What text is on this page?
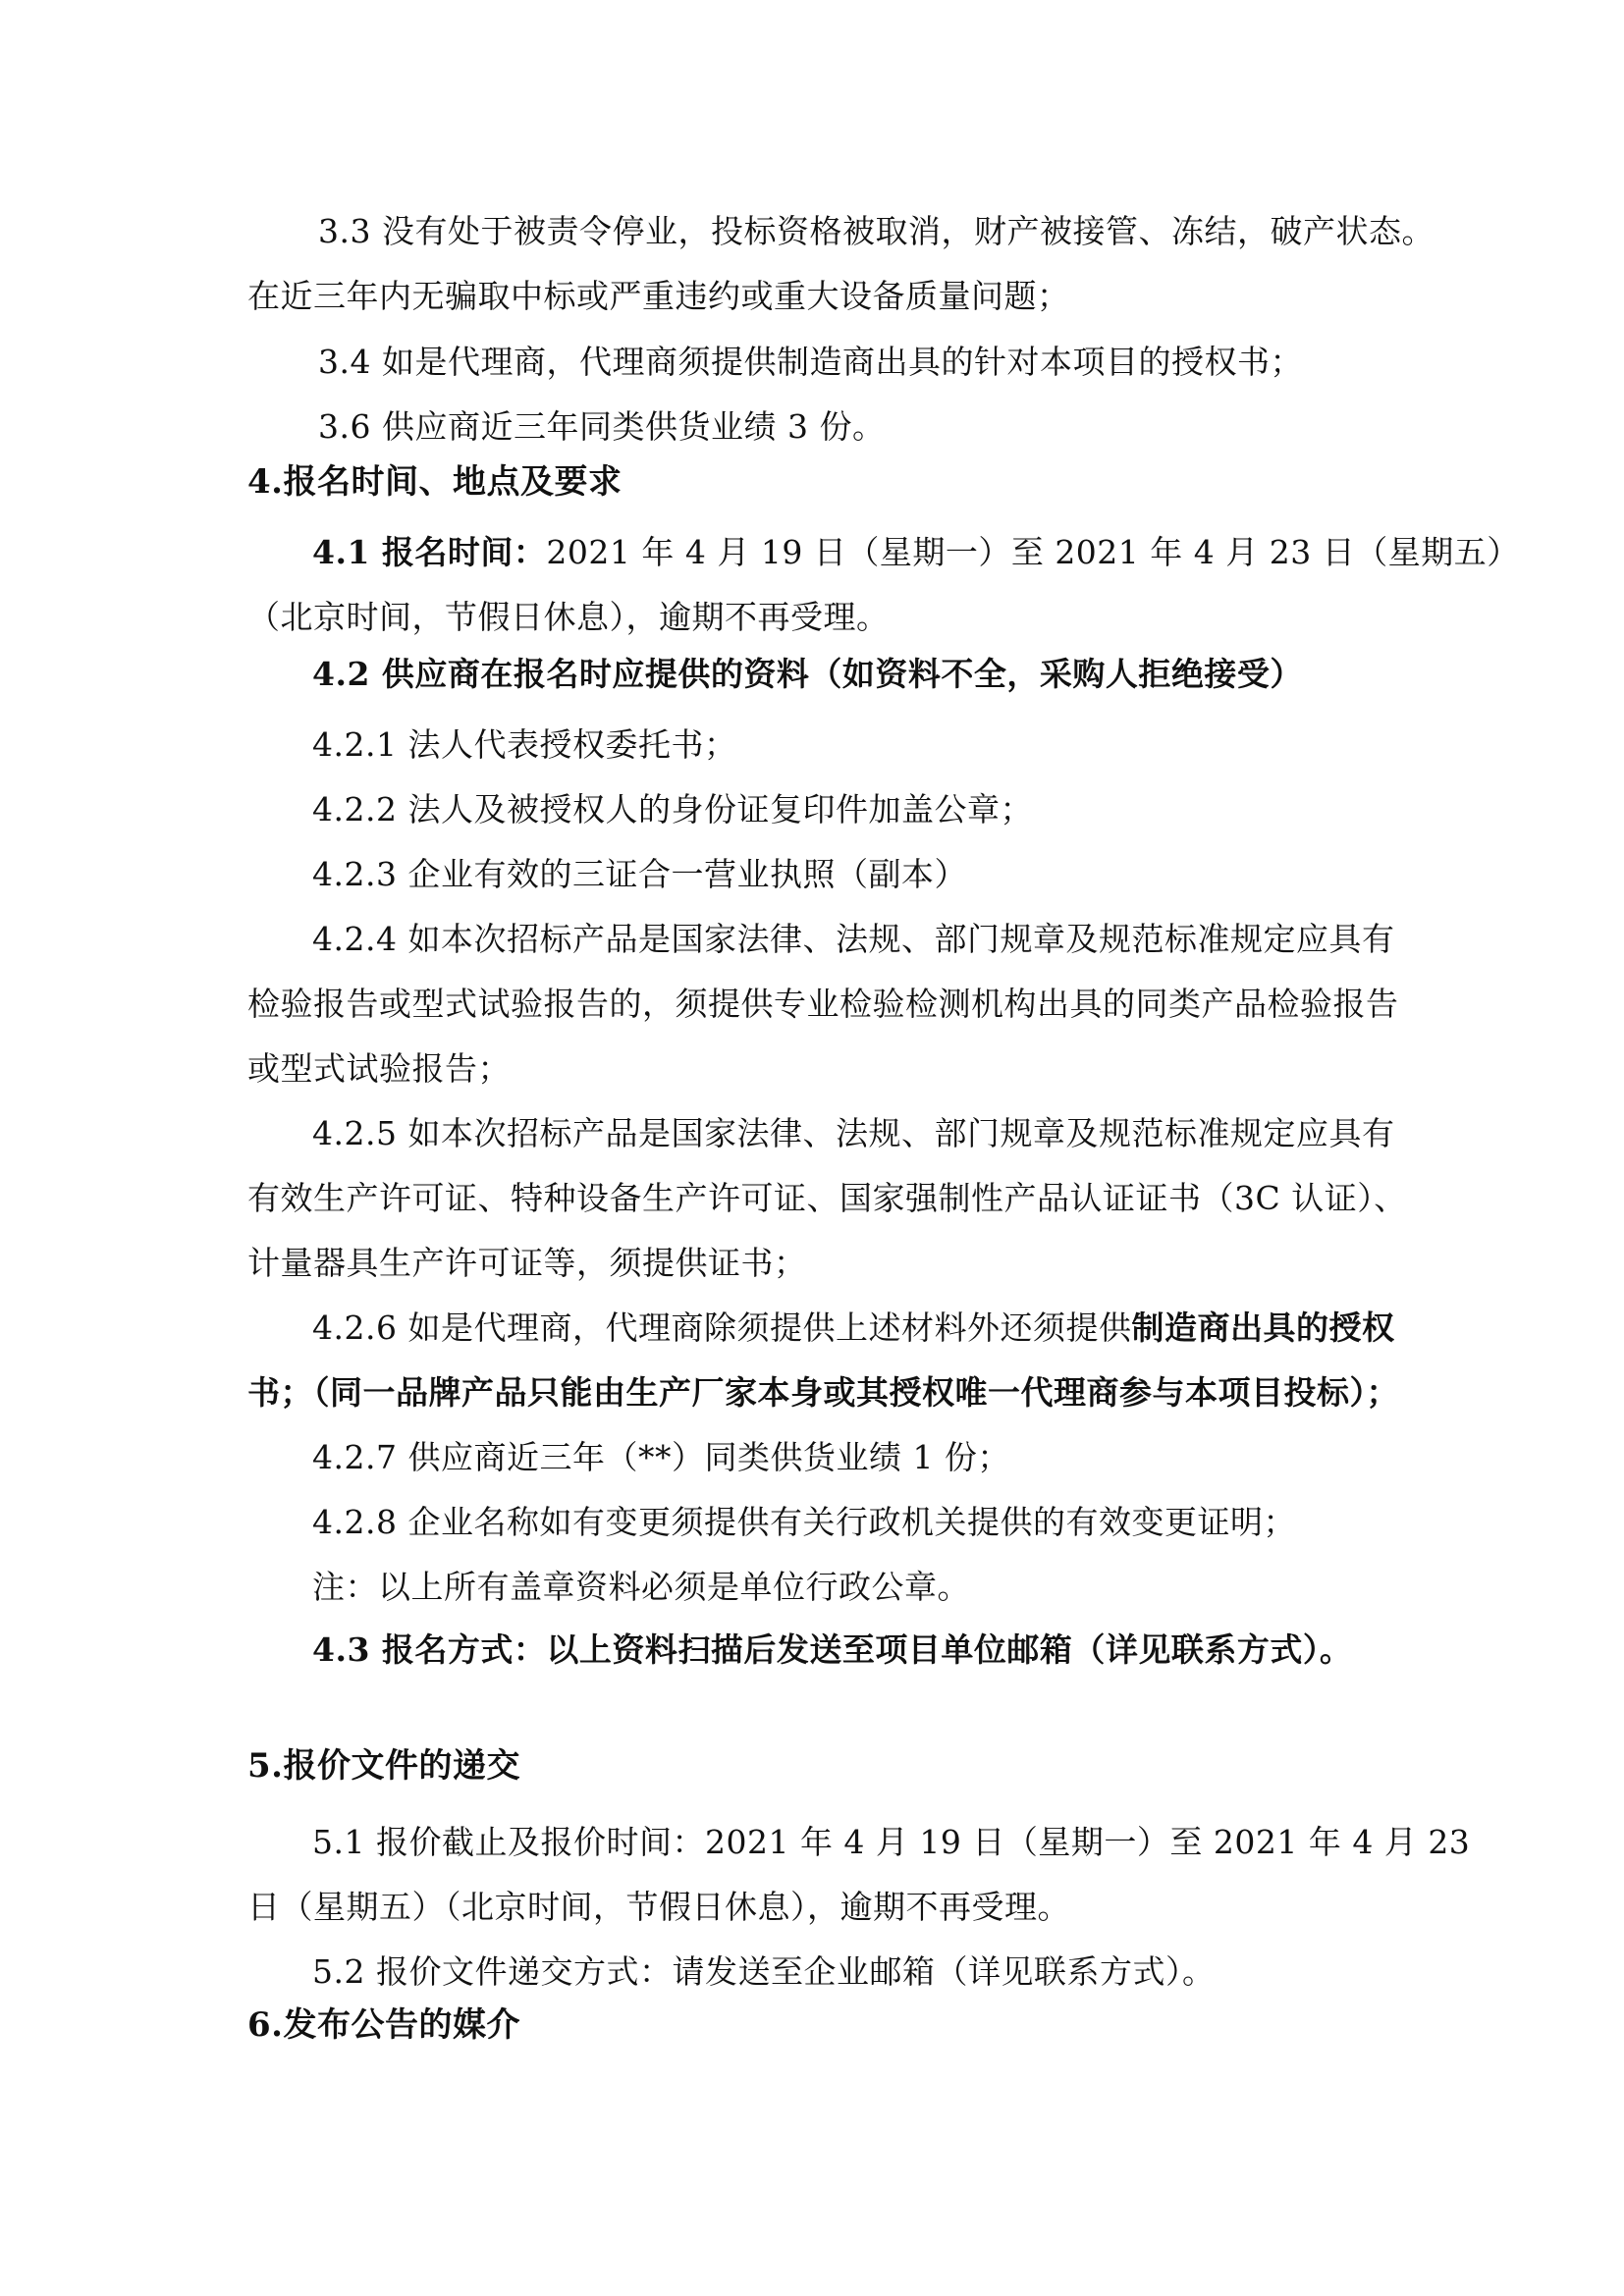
3.3 没有处于被责令停业，投标资格被取消，财产被接管、冻结，破产状态。
在近三年内无骗取中标或严重违约或重大设备质量问题；
3.4 如是代理商，代理商须提供制造商出具的针对本项目的授权书；
3.6 供应商近三年同类供货业绩 3 份。
4.报名时间、地点及要求
4.1 报名时间：2021 年 4 月 19 日（星期一）至 2021 年 4 月 23 日（星期五）
（北京时间，节假日休息），逾期不再受理。
4.2 供应商在报名时应提供的资料（如资料不全，采购人拒绝接受）
4.2.1 法人代表授权委托书；
4.2.2 法人及被授权人的身份证复印件加盖公章；
4.2.3 企业有效的三证合一营业执照（副本）
4.2.4 如本次招标产品是国家法律、法规、部门规章及规范标准规定应具有
检验报告或型式试验报告的，须提供专业检验检测机构出具的同类产品检验报告
或型式试验报告；
4.2.5 如本次招标产品是国家法律、法规、部门规章及规范标准规定应具有
有效生产许可证、特种设备生产许可证、国家强制性产品认证证书（3C 认证）、
计量器具生产许可证等，须提供证书；
4.2.6 如是代理商，代理商除须提供上述材料外还须提供制造商出具的授权
书；（同一品牌产品只能由生产厂家本身或其授权唯一代理商参与本项目投标）；
4.2.7 供应商近三年（**）同类供货业绩 1 份；
4.2.8 企业名称如有变更须提供有关行政机关提供的有效变更证明；
注：以上所有盖章资料必须是单位行政公章。
4.3 报名方式：以上资料扫描后发送至项目单位邮箱（详见联系方式）。
5.报价文件的递交
5.1 报价截止及报价时间：2021 年 4 月 19 日（星期一）至 2021 年 4 月 23
日（星期五）（北京时间，节假日休息），逾期不再受理。
5.2 报价文件递交方式：请发送至企业邮箱（详见联系方式）。
6.发布公告的媒介
